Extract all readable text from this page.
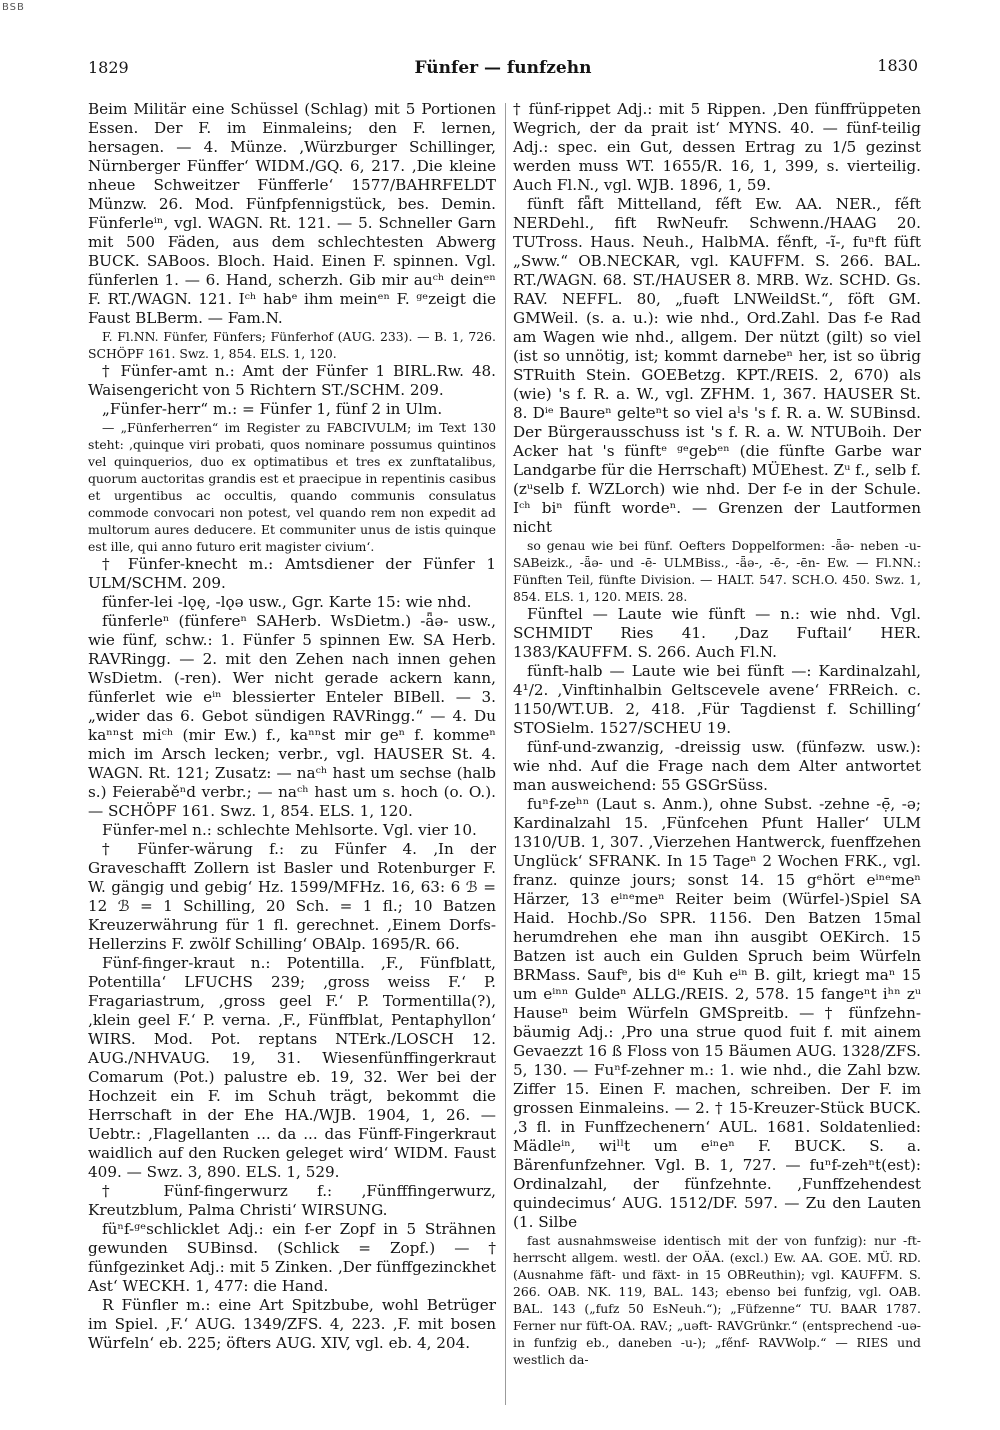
BSB
1829	Fünfer — funfzehn	1830

Beim Militär eine Schüssel (Schlag) mit 5 Portionen Essen. Der F. im Einmaleins; den F. lernen, hersagen. — 4. Münze. ‚Würzburger Schillinger, Nürnberger Fünffer‘ WIDM./GQ. 6, 217. ‚Die kleine nheue Schweitzer Fünfferle‘ 1577/BAHRFELDT Münzw. 26. Mod. Fünfpfennigstück, bes. Demin. Fünferleⁱⁿ, vgl. WAGN. Rt. 121. — 5. Schneller Garn mit 500 Fäden, aus dem schlechtesten Abwerg BUCK. SABoos. Bloch. Haid. Einen F. spinnen. Vgl. fünferlen 1. — 6. Hand, scherzh. Gib mir auᶜʰ deinᵉⁿ F. RT./WAGN. 121. Iᶜʰ habᵉ ihm meinᵉⁿ F. ᵍᵉzeigt die Faust BLBerm. — Fam.N.

F. Fl.NN. Fünfer, Fünfers; Fünferhof (AUG. 233). — B. 1, 726. SCHÖPF 161. Swz. 1, 854. ELS. 1, 120.

† Fünfer-amt n.: Amt der Fünfer 1 BIRL.Rw. 48. Waisengericht von 5 Richtern ST./SCHM. 209.

„Fünfer-herr“ m.: = Fünfer 1, fünf 2 in Ulm.

— „Fünferherren“ im Register zu FABCIVULM; im Text 130 steht: ‚quinque viri probati, quos nominare possumus quintinos vel quinquerios, duo ex optimatibus et tres ex zunftatalibus, quorum auctoritas grandis est et praecipue in repentinis casibus et urgentibus ac occultis, quando communis consulatus commode convocari non potest, vel quando rem non expedit ad multorum aures deducere. Et communiter unus de istis quinque est ille, qui anno futuro erit magister civium‘.

† Fünfer-knecht m.: Amtsdiener der Fünfer 1 ULM/SCHM. 209.

fünfer-lei -lǫę, -lǫə usw., Ggr. Karte 15: wie nhd.

fünferleⁿ (fünfereⁿ SAHerb. WsDietm.) -ǟə- usw., wie fünf, schw.: 1. Fünfer 5 spinnen Ew. SA Herb. RAVRingg. — 2. mit den Zehen nach innen gehen WsDietm. (-ren). Wer nicht gerade ackern kann, fünferlet wie eⁱⁿ blessierter Enteler BIBell. — 3. „wider das 6. Gebot sündigen RAVRingg.“ — 4. Du kaⁿⁿst miᶜʰ (mir Ew.) f., kaⁿⁿst mir geⁿ f. kommeⁿ mich im Arsch lecken; verbr., vgl. HAUSER St. 4. WAGN. Rt. 121; Zusatz: — naᶜʰ hast um sechse (halb s.) Feieraběⁿd verbr.; — naᶜʰ hast um s. hoch (o. O.). — SCHÖPF 161. Swz. 1, 854. ELS. 1, 120.

Fünfer-mel n.: schlechte Mehlsorte. Vgl. vier 10.

† Fünfer-wärung f.: zu Fünfer 4. ‚In der Graveschafft Zollern ist Basler und Rotenburger F. W. gängig und gebig‘ Hz. 1599/MFHz. 16, 63: 6 ℬ = 12 ℬ = 1 Schilling, 20 Sch. = 1 fl.; 10 Batzen Kreuzerwährung für 1 fl. gerechnet. ‚Einem Dorfs-Hellerzins F. zwölf Schilling‘ OBAlp. 1695/R. 66.

Fünf-finger-kraut n.: Potentilla. ‚F., Fünfblatt, Potentilla‘ LFUCHS 239; ‚gross weiss F.‘ P. Fragariastrum, ‚gross geel F.‘ P. Tormentilla(?), ‚klein geel F.‘ P. verna. ‚F., Fünffblat, Pentaphyllon‘ WIRS. Mod. Pot. reptans NTErk./LOSCH 12. AUG./NHVAUG. 19, 31. Wiesenfünffingerkraut Comarum (Pot.) palustre eb. 19, 32. Wer bei der Hochzeit ein F. im Schuh trägt, bekommt die Herrschaft in der Ehe HA./WJB. 1904, 1, 26. — Uebtr.: ‚Flagellanten ... da ... das Fünff-Fingerkraut waidlich auf den Rucken geleget wird‘ WIDM. Faust 409. — Swz. 3, 890. ELS. 1, 529.

† Fünf-fingerwurz f.: ‚Fünfffingerwurz, Kreutzblum, Palma Christi‘ WIRSUNG.

füⁿf-ᵍᵉschlicklet Adj.: ein f-er Zopf in 5 Strähnen gewunden SUBinsd. (Schlick = Zopf.) — † fünfgezinket Adj.: mit 5 Zinken. ‚Der fünffgezinckhet Ast‘ WECKH. 1, 477: die Hand.

R Fünfler m.: eine Art Spitzbube, wohl Betrüger im Spiel. ‚F.‘ AUG. 1349/ZFS. 4, 223. ‚F. mit bosen Würfeln‘ eb. 225; öfters AUG. XIV, vgl. eb. 4, 204.

† fünf-rippet Adj.: mit 5 Rippen. ‚Den fünffrüppeten Wegrich, der da prait ist‘ MYNS. 40. — fünf-teilig Adj.: spec. ein Gut, dessen Ertrag zu 1/5 gezinst werden muss WT. 1655/R. 16, 1, 399, s. vierteilig. Auch Fl.N., vgl. WJB. 1896, 1, 59.

fünft fǟft Mittelland, fe̋ft Ew. AA. NER., fe̋ft NERDehl., fift RwNeufr. Schwenn./HAAG 20. TUTross. Haus. Neuh., HalbMA. fe̋nft, -ĩ-, fuⁿft füft „Sww.“ OB.NECKAR, vgl. KAUFFM. S. 266. BAL. RT./WAGN. 68. ST./HAUSER 8. MRB. Wz. SCHD. Gs. RAV. NEFFL. 80, „fuəft LNWeildSt.“, föft GM. GMWeil. (s. a. u.): wie nhd., Ord.Zahl. Das f-e Rad am Wagen wie nhd., allgem. Der nützt (gilt) so viel (ist so unnötig, ist; kommt darnebeⁿ her, ist so übrig STRuith Stein. GOEBetzg. KPT./REIS. 2, 670) als (wie) 's f. R. a. W., vgl. ZFHM. 1, 367. HAUSER St. 8. Dⁱᵉ Baureⁿ gelteⁿt so viel aˡs 's f. R. a. W. SUBinsd. Der Bürgerausschuss ist 's f. R. a. W. NTUBoih. Der Acker hat 's fünftᵉ ᵍᵉgebᵉⁿ (die fünfte Garbe war Landgarbe für die Herrschaft) MÜEhest. Zᵘ f., selb f. (zᵘselb f. WZLorch) wie nhd. Der f-e in der Schule. Iᶜʰ biⁿ fünft wordeⁿ. — Grenzen der Lautformen nicht

so genau wie bei fünf. Oefters Doppelformen: -ǟə- neben -u- SABeizk., -ǟə- und -ē- ULMBiss., -ǟə-, -ē-, -ēn- Ew. — Fl.NN.: Fünften Teil, fünfte Division. — HALT. 547. SCH.O. 450. Swz. 1, 854. ELS. 1, 120. MEIS. 28.

Fünftel — Laute wie fünft — n.: wie nhd. Vgl. SCHMIDT Ries 41. ‚Daz Fuftail‘ HER. 1383/KAUFFM. S. 266. Auch Fl.N.

fünft-halb — Laute wie bei fünft —: Kardinalzahl, 4¹/2. ‚Vinftinhalbin Geltscevele avene‘ FRReich. c. 1150/WT.UB. 2, 418. ‚Für Tagdienst f. Schilling‘ STOSielm. 1527/SCHEU 19.

fünf-und-zwanzig, -dreissig usw. (fünfəzw. usw.): wie nhd. Auf die Frage nach dem Alter antwortet man ausweichend: 55 GSGrSüss.

fuⁿf-zeʰⁿ (Laut s. Anm.), ohne Subst. -zehne -ẹ̄, -ə; Kardinalzahl 15. ‚Fünfcehen Pfunt Haller‘ ULM 1310/UB. 1, 307. ‚Vierzehen Hantwerck, fuenffzehen Unglück‘ SFRANK. In 15 Tageⁿ 2 Wochen FRK., vgl. franz. quinze jours; sonst 14. 15 gᵉhört eⁱⁿᵉmeⁿ Härzer, 13 eⁱⁿᵉmeⁿ Reiter beim (Würfel-)Spiel SA Haid. Hochb./So SPR. 1156. Den Batzen 15mal herumdrehen ehe man ihn ausgibt OEKirch. 15 Batzen ist auch ein Gulden Spruch beim Würfeln BRMass. Saufᵉ, bis dⁱᵉ Kuh eⁱⁿ B. gilt, kriegt maⁿ 15 um eⁱⁿⁿ Guldeⁿ ALLG./REIS. 2, 578. 15 fangeⁿt iʰⁿ zᵘ Hauseⁿ beim Würfeln GMSpreitb. — † fünfzehn-bäumig Adj.: ‚Pro una strue quod fuit f. mit ainem Gevaezzt 16 ß Floss von 15 Bäumen AUG. 1328/ZFS. 5, 130. — Fuⁿf-zehner m.: 1. wie nhd., die Zahl bzw. Ziffer 15. Einen F. machen, schreiben. Der F. im grossen Einmaleins. — 2. † 15-Kreuzer-Stück BUCK. ‚3 fl. in Funffzechenern‘ AUL. 1681. Soldatenlied: Mädleⁱⁿ, wiˡˡt um eⁱⁿeⁿ F. BUCK. S. a. Bärenfunfzehner. Vgl. B. 1, 727. — fuⁿf-zehⁿt(est): Ordinalzahl, der fünfzehnte. ‚Funffzehendest quindecimus‘ AUG. 1512/DF. 597. — Zu den Lauten (1. Silbe

fast ausnahmsweise identisch mit der von funfzig): nur -ft-herrscht allgem. westl. der OÄA. (excl.) Ew. AA. GOE. MÜ. RD. (Ausnahme fäft- und fäxt- in 15 OBReuthin); vgl. KAUFFM. S. 266. OAB. NK. 119, BAL. 143; ebenso bei funfzig, vgl. OAB. BAL. 143 („fufz 50 EsNeuh.“); „Füfzenne“ TU. BAAR 1787. Ferner nur füft-OA. RAV.; „uəft- RAVGrünkr.“ (entsprechend -uə- in funfzig eb., daneben -u-); „fe̋nf- RAVWolp.“ — RIES und westlich da-
